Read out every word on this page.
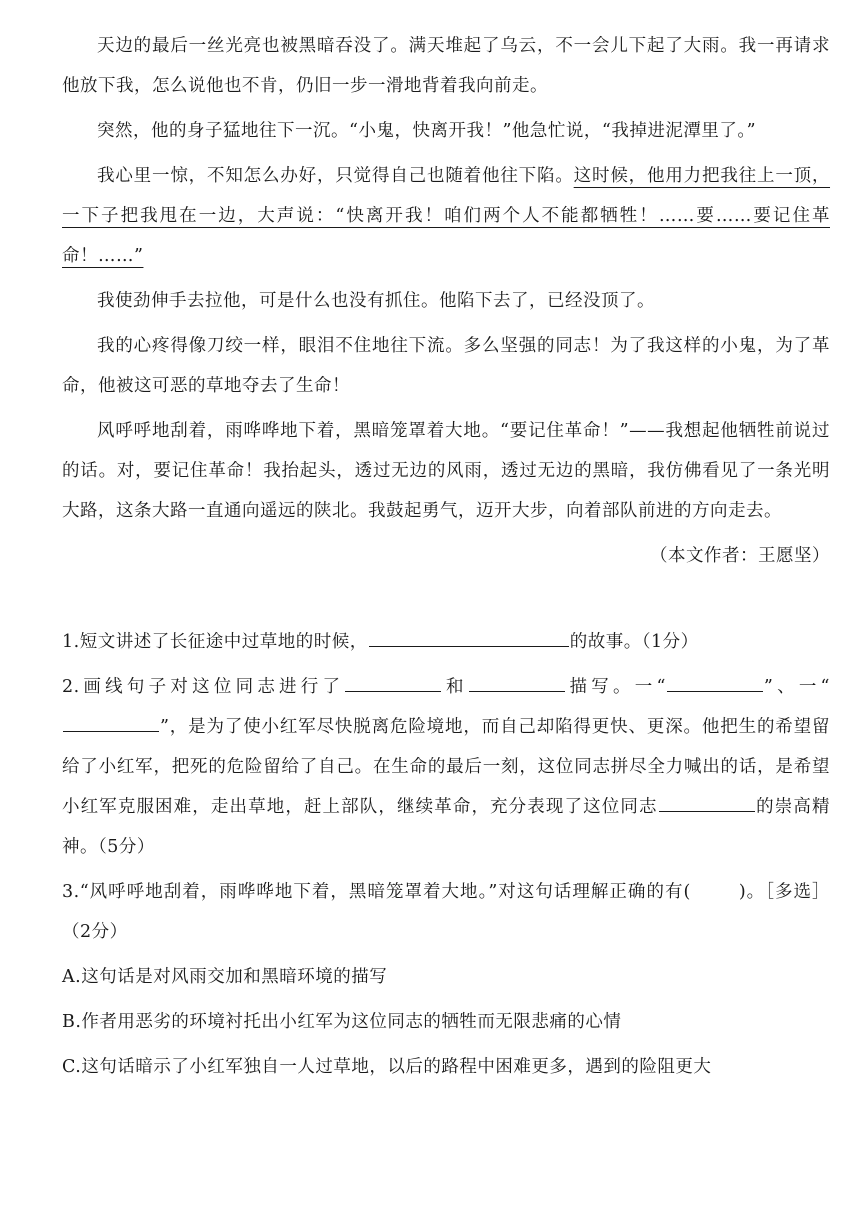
天边的最后一丝光亮也被黑暗吞没了。满天堆起了乌云，不一会儿下起了大雨。我一再请求他放下我，怎么说他也不肯，仍旧一步一滑地背着我向前走。

突然，他的身子猛地往下一沉。“小鬼，快离开我！”他急忙说，“我掉进泥潭里了。”

我心里一惊，不知怎么办好，只觉得自己也随着他往下陷。这时候，他用力把我往上一顶，一下子把我甩在一边，大声说：“快离开我！咱们两个人不能都牺牲！……要……要记住革命！……”

我使劲伸手去拉他，可是什么也没有抓住。他陷下去了，已经没顶了。

我的心疼得像刀绞一样，眼泪不住地往下流。多么坚强的同志！为了我这样的小鬼，为了革命，他被这可恶的草地夺去了生命！

风呼呼地刮着，雨哗哗地下着，黑暗笼罩着大地。“要记住革命！”——我想起他牺牲前说过的话。对，要记住革命！我抬起头，透过无边的风雨，透过无边的黑暗，我仿佛看见了一条光明大路，这条大路一直通向遥远的陕北。我鼓起勇气，迈开大步，向着部队前进的方向走去。

（本文作者：王愿坚）

1.短文讲述了长征途中过草地的时候，	的故事。（1分）

2.画线句子对这位同志进行了	和	描写。一“	”、一“”，是为了使小红军尽快脱离危险境地，而自己却陷得更快、更深。他把生的希望留给了小红军，把死的危险留给了自己。在生命的最后一刻，这位同志拼尽全力喊出的话，是希望小红军克服困难，走出草地，赶上部队，继续革命，充分表现了这位同志	的崇高精神。（5分）

3.“风呼呼地刮着，雨哗哗地下着，黑暗笼罩着大地。”对这句话理解正确的有(	)。［多选］（2分）

A.这句话是对风雨交加和黑暗环境的描写
B.作者用恶劣的环境衬托出小红军为这位同志的牺牲而无限悲痛的心情
C.这句话暗示了小红军独自一人过草地，以后的路程中困难更多，遇到的险阻更大
